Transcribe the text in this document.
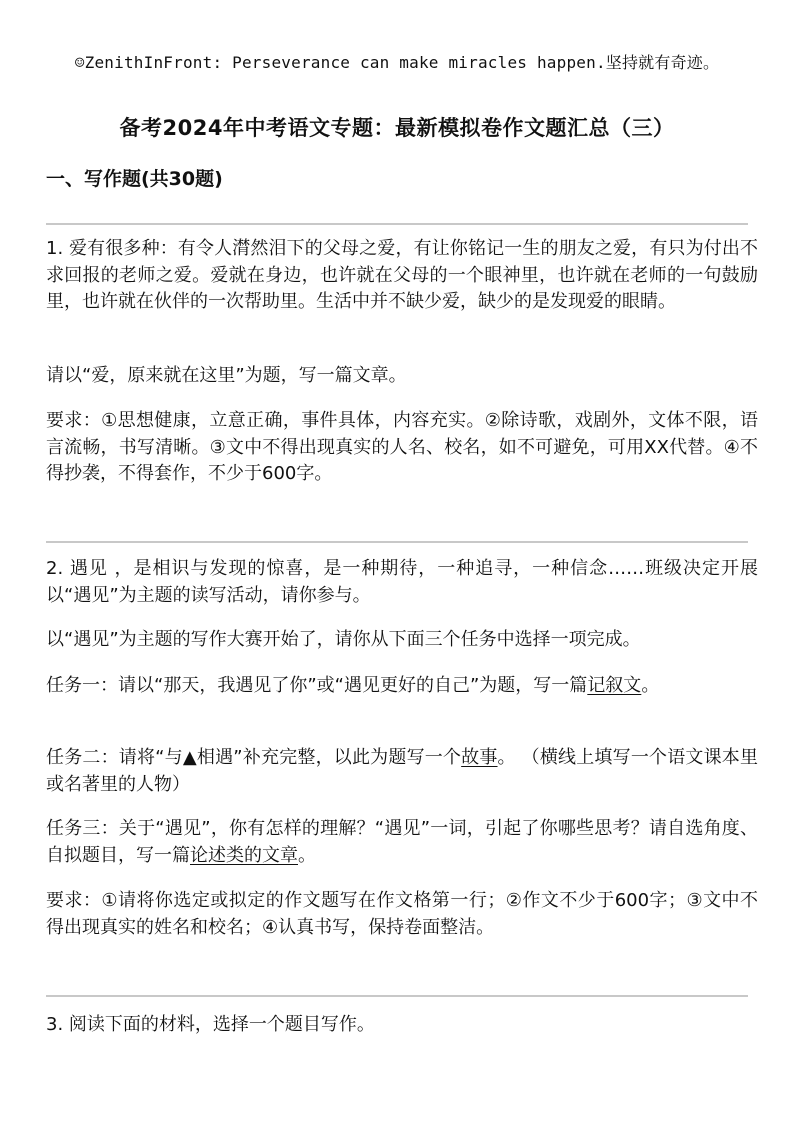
☺ZenithInFront: Perseverance can make miracles happen.坚持就有奇迹。
备考2024年中考语文专题：最新模拟卷作文题汇总（三）
一、写作题(共30题)

1. 爱有很多种：有令人潸然泪下的父母之爱，有让你铭记一生的朋友之爱，有只为付出不求回报的老师之爱。爱就在身边，也许就在父母的一个眼神里，也许就在老师的一句鼓励里，也许就在伙伴的一次帮助里。生活中并不缺少爱，缺少的是发现爱的眼睛。

请以“爱，原来就在这里”为题，写一篇文章。

要求：①思想健康，立意正确，事件具体，内容充实。②除诗歌，戏剧外，文体不限，语言流畅，书写清晰。③文中不得出现真实的人名、校名，如不可避免，可用XX代替。④不得抄袭，不得套作，不少于600字。

2. 遇见 ，是相识与发现的惊喜，是一种期待，一种追寻，一种信念……班级决定开展以“遇见”为主题的读写活动，请你参与。

以“遇见”为主题的写作大赛开始了，请你从下面三个任务中选择一项完成。

任务一：请以“那天，我遇见了你”或“遇见更好的自己”为题，写一篇记叙文。

任务二：请将“与▲相遇”补充完整，以此为题写一个故事。 （横线上填写一个语文课本里或名著里的人物）

任务三：关于“遇见”，你有怎样的理解？“遇见”一词，引起了你哪些思考？请自选角度、自拟题目，写一篇论述类的文章。

要求：①请将你选定或拟定的作文题写在作文格第一行；②作文不少于600字；③文中不得出现真实的姓名和校名；④认真书写，保持卷面整洁。

3. 阅读下面的材料，选择一个题目写作。
